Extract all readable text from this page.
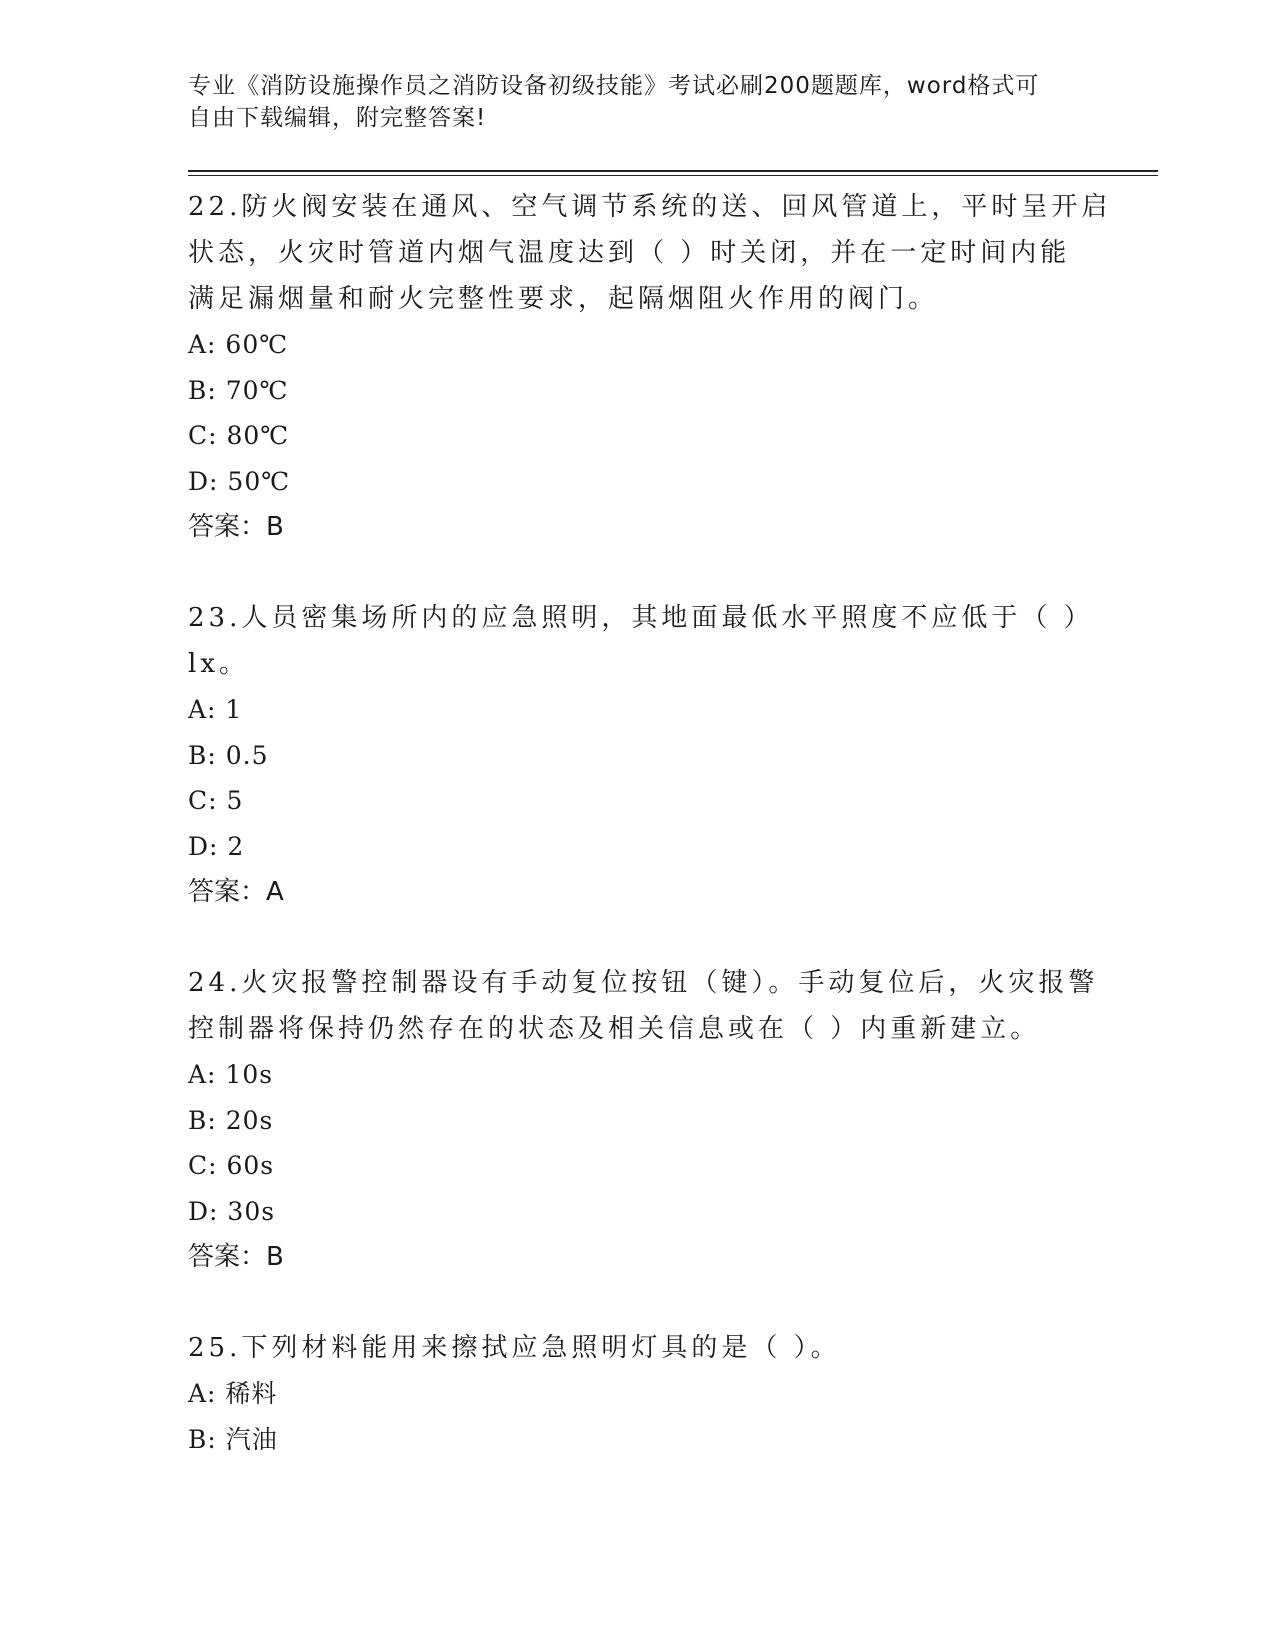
专业《消防设施操作员之消防设备初级技能》考试必刷200题题库，word格式可

自由下载编辑，附完整答案!

22.防火阀安装在通风、空气调节系统的送、回风管道上，平时呈开启

状态，火灾时管道内烟气温度达到（ ）时关闭，并在一定时间内能

满足漏烟量和耐火完整性要求，起隔烟阻火作用的阀门。

A: 60℃

B: 70℃

C: 80℃

D: 50℃

答案：B

23.人员密集场所内的应急照明，其地面最低水平照度不应低于（ ）

lx。

A: 1

B: 0.5

C: 5

D: 2

答案：A

24.火灾报警控制器设有手动复位按钮（键）。手动复位后，火灾报警

控制器将保持仍然存在的状态及相关信息或在（ ）内重新建立。

A: 10s

B: 20s

C: 60s

D: 30s

答案：B

25.下列材料能用来擦拭应急照明灯具的是（ ）。

A: 稀料

B: 汽油
